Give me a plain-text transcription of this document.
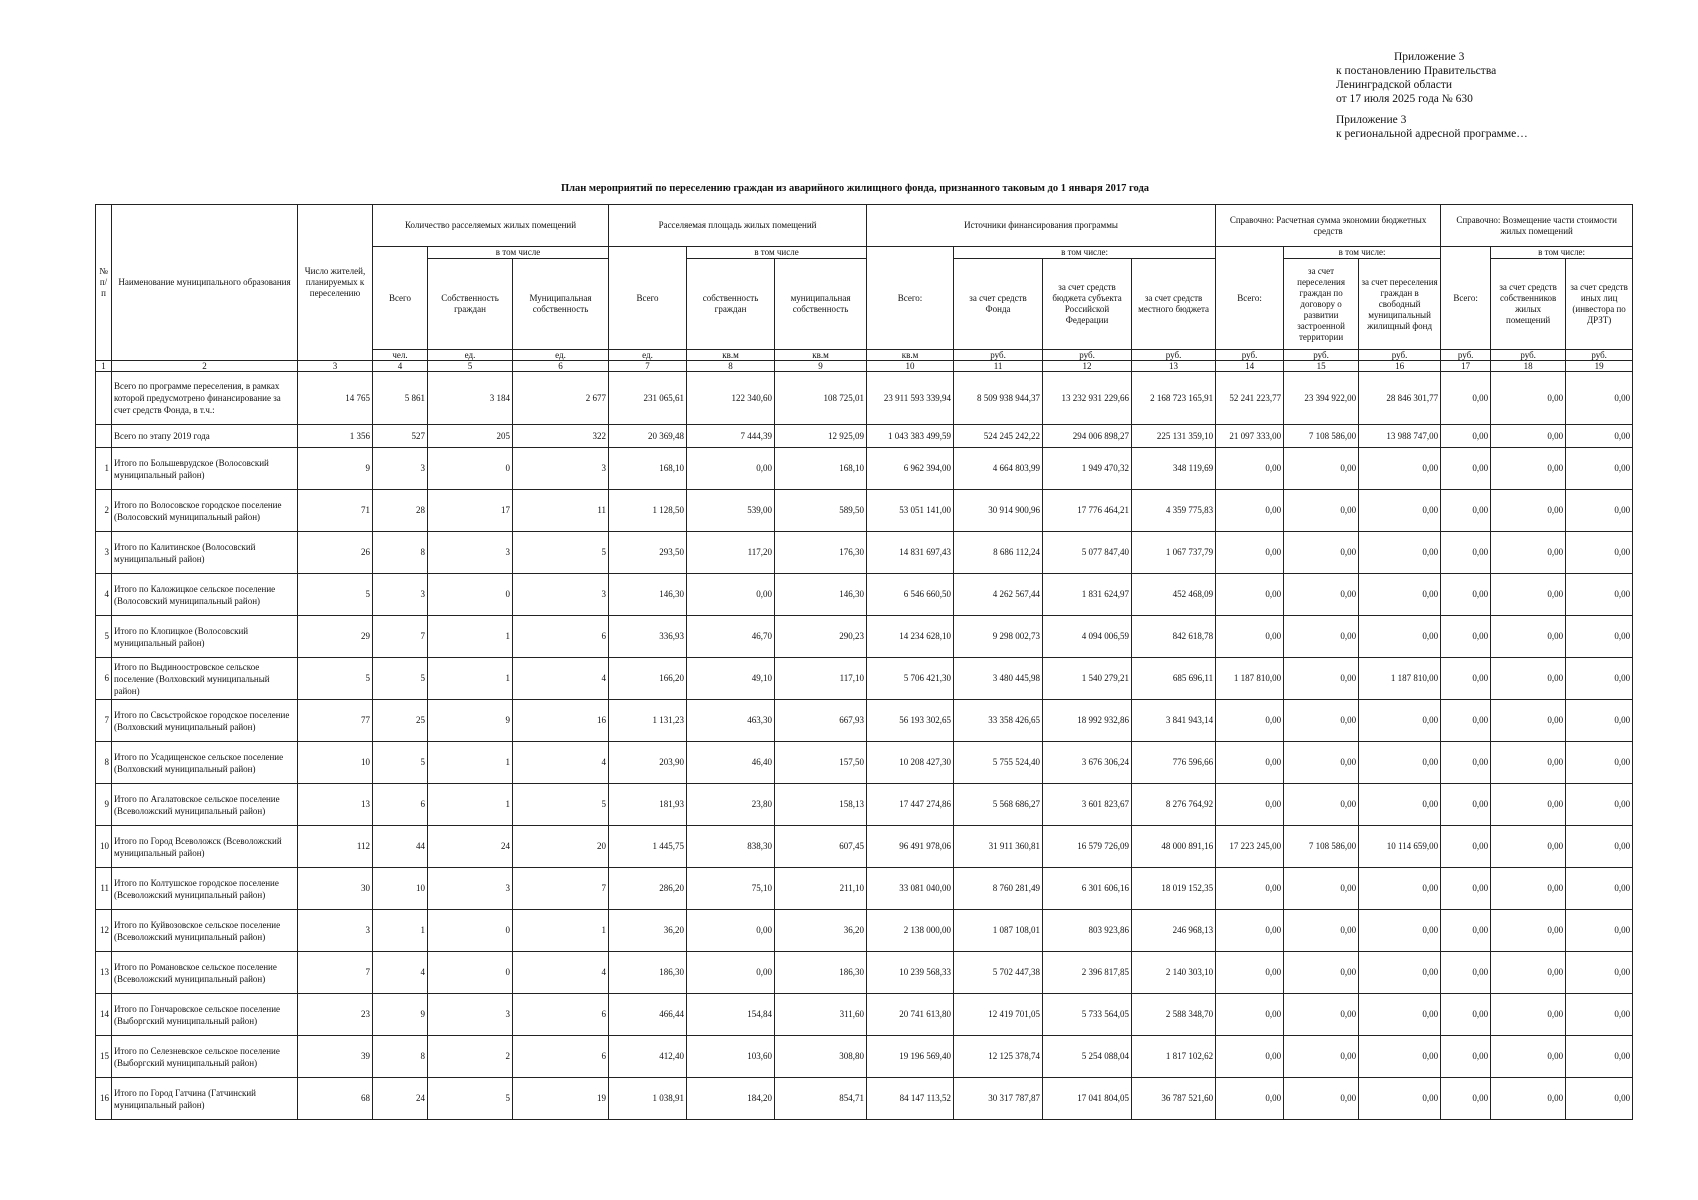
Приложение 3
к постановлению Правительства
Ленинградской области
от 17 июля 2025 года № 630
Приложение 3
к региональной адресной программе…
План мероприятий по переселению граждан из аварийного жилищного фонда, признанного таковым до 1 января 2017 года
№ п/ п	Наименование муниципального образования	Число жителей, планируемых к переселению	Количество расселяемых жилых помещений			Расселяемая площадь жилых помещений			Источники финансирования программы				Справочно: Расчетная сумма экономии бюджетных средств			Справочно: Возмещение части стоимости жилых помещений			
			Всего	в том числе		Всего	в том числе		Всего:	в том числе:			Всего:	в том числе:		Всего:	в том числе:		
				Собственность граждан	Муниципальная собственность		собственность граждан	муниципальная собственность		за счет средств Фонда	за счет средств бюджета субъекта Российской Федерации	за счет средств местного бюджета		за счет переселения граждан по договору о развитии застроенной территории	за счет переселения граждан в свободный муниципальный жилищный фонд		за счет средств собственников жилых помещений	за счет средств иных лиц (инвестора по ДРЗТ)	
			чел.	ед.	ед.	ед.	кв.м	кв.м	кв.м	руб.	руб.	руб.	руб.	руб.	руб.	руб.	руб.	руб.	
1	2	3	4	5	6	7	8	9	10	11	12	13	14	15	16	17	18	19	
	Всего по программе переселения, в рамках которой предусмотрено финансирование за счет средств Фонда, в т.ч.:	14 765	5 861	3 184	2 677	231 065,61	122 340,60	108 725,01	23 911 593 339,94	8 509 938 944,37	13 232 931 229,66	2 168 723 165,91	52 241 223,77	23 394 922,00	28 846 301,77	0,00	0,00	0,00	
	Всего по этапу 2019 года	1 356	527	205	322	20 369,48	7 444,39	12 925,09	1 043 383 499,59	524 245 242,22	294 006 898,27	225 131 359,10	21 097 333,00	7 108 586,00	13 988 747,00	0,00	0,00	0,00	
1	Итого по Большеврудское (Волосовский муниципальный район)	9	3	0	3	168,10	0,00	168,10	6 962 394,00	4 664 803,99	1 949 470,32	348 119,69	0,00	0,00	0,00	0,00	0,00	0,00	
2	Итого по Волосовское городское поселение (Волосовский муниципальный район)	71	28	17	11	1 128,50	539,00	589,50	53 051 141,00	30 914 900,96	17 776 464,21	4 359 775,83	0,00	0,00	0,00	0,00	0,00	0,00	
3	Итого по Калитинское (Волосовский муниципальный район)	26	8	3	5	293,50	117,20	176,30	14 831 697,43	8 686 112,24	5 077 847,40	1 067 737,79	0,00	0,00	0,00	0,00	0,00	0,00	
4	Итого по Каложицкое сельское поселение (Волосовский муниципальный район)	5	3	0	3	146,30	0,00	146,30	6 546 660,50	4 262 567,44	1 831 624,97	452 468,09	0,00	0,00	0,00	0,00	0,00	0,00	
5	Итого по Клопицкое (Волосовский муниципальный район)	29	7	1	6	336,93	46,70	290,23	14 234 628,10	9 298 002,73	4 094 006,59	842 618,78	0,00	0,00	0,00	0,00	0,00	0,00	
6	Итого по Выдиноостровское сельское поселение (Волховский муниципальный район)	5	5	1	4	166,20	49,10	117,10	5 706 421,30	3 480 445,98	1 540 279,21	685 696,11	1 187 810,00	0,00	1 187 810,00	0,00	0,00	0,00	
7	Итого по Свсьстройское городское поселение (Волховский муниципальный район)	77	25	9	16	1 131,23	463,30	667,93	56 193 302,65	33 358 426,65	18 992 932,86	3 841 943,14	0,00	0,00	0,00	0,00	0,00	0,00	
8	Итого по Усадищенское сельское поселение (Волховский муниципальный район)	10	5	1	4	203,90	46,40	157,50	10 208 427,30	5 755 524,40	3 676 306,24	776 596,66	0,00	0,00	0,00	0,00	0,00	0,00	
9	Итого по Агалатовское сельское поселение (Всеволожский муниципальный район)	13	6	1	5	181,93	23,80	158,13	17 447 274,86	5 568 686,27	3 601 823,67	8 276 764,92	0,00	0,00	0,00	0,00	0,00	0,00	
10	Итого по Город Всеволожск (Всеволожский муниципальный район)	112	44	24	20	1 445,75	838,30	607,45	96 491 978,06	31 911 360,81	16 579 726,09	48 000 891,16	17 223 245,00	7 108 586,00	10 114 659,00	0,00	0,00	0,00	
11	Итого по Колтушское городское поселение (Всеволожский муниципальный район)	30	10	3	7	286,20	75,10	211,10	33 081 040,00	8 760 281,49	6 301 606,16	18 019 152,35	0,00	0,00	0,00	0,00	0,00	0,00	
12	Итого по Куйвозовское сельское поселение (Всеволожский муниципальный район)	3	1	0	1	36,20	0,00	36,20	2 138 000,00	1 087 108,01	803 923,86	246 968,13	0,00	0,00	0,00	0,00	0,00	0,00	
13	Итого по Романовское сельское поселение (Всеволожский муниципальный район)	7	4	0	4	186,30	0,00	186,30	10 239 568,33	5 702 447,38	2 396 817,85	2 140 303,10	0,00	0,00	0,00	0,00	0,00	0,00	
14	Итого по Гончаровское сельское поселение (Выборгский муниципальный район)	23	9	3	6	466,44	154,84	311,60	20 741 613,80	12 419 701,05	5 733 564,05	2 588 348,70	0,00	0,00	0,00	0,00	0,00	0,00	
15	Итого по Селезневское сельское поселение (Выборгский муниципальный район)	39	8	2	6	412,40	103,60	308,80	19 196 569,40	12 125 378,74	5 254 088,04	1 817 102,62	0,00	0,00	0,00	0,00	0,00	0,00	
16	Итого по Город Гатчина (Гатчинский муниципальный район)	68	24	5	19	1 038,91	184,20	854,71	84 147 113,52	30 317 787,87	17 041 804,05	36 787 521,60	0,00	0,00	0,00	0,00	0,00	0,00	
